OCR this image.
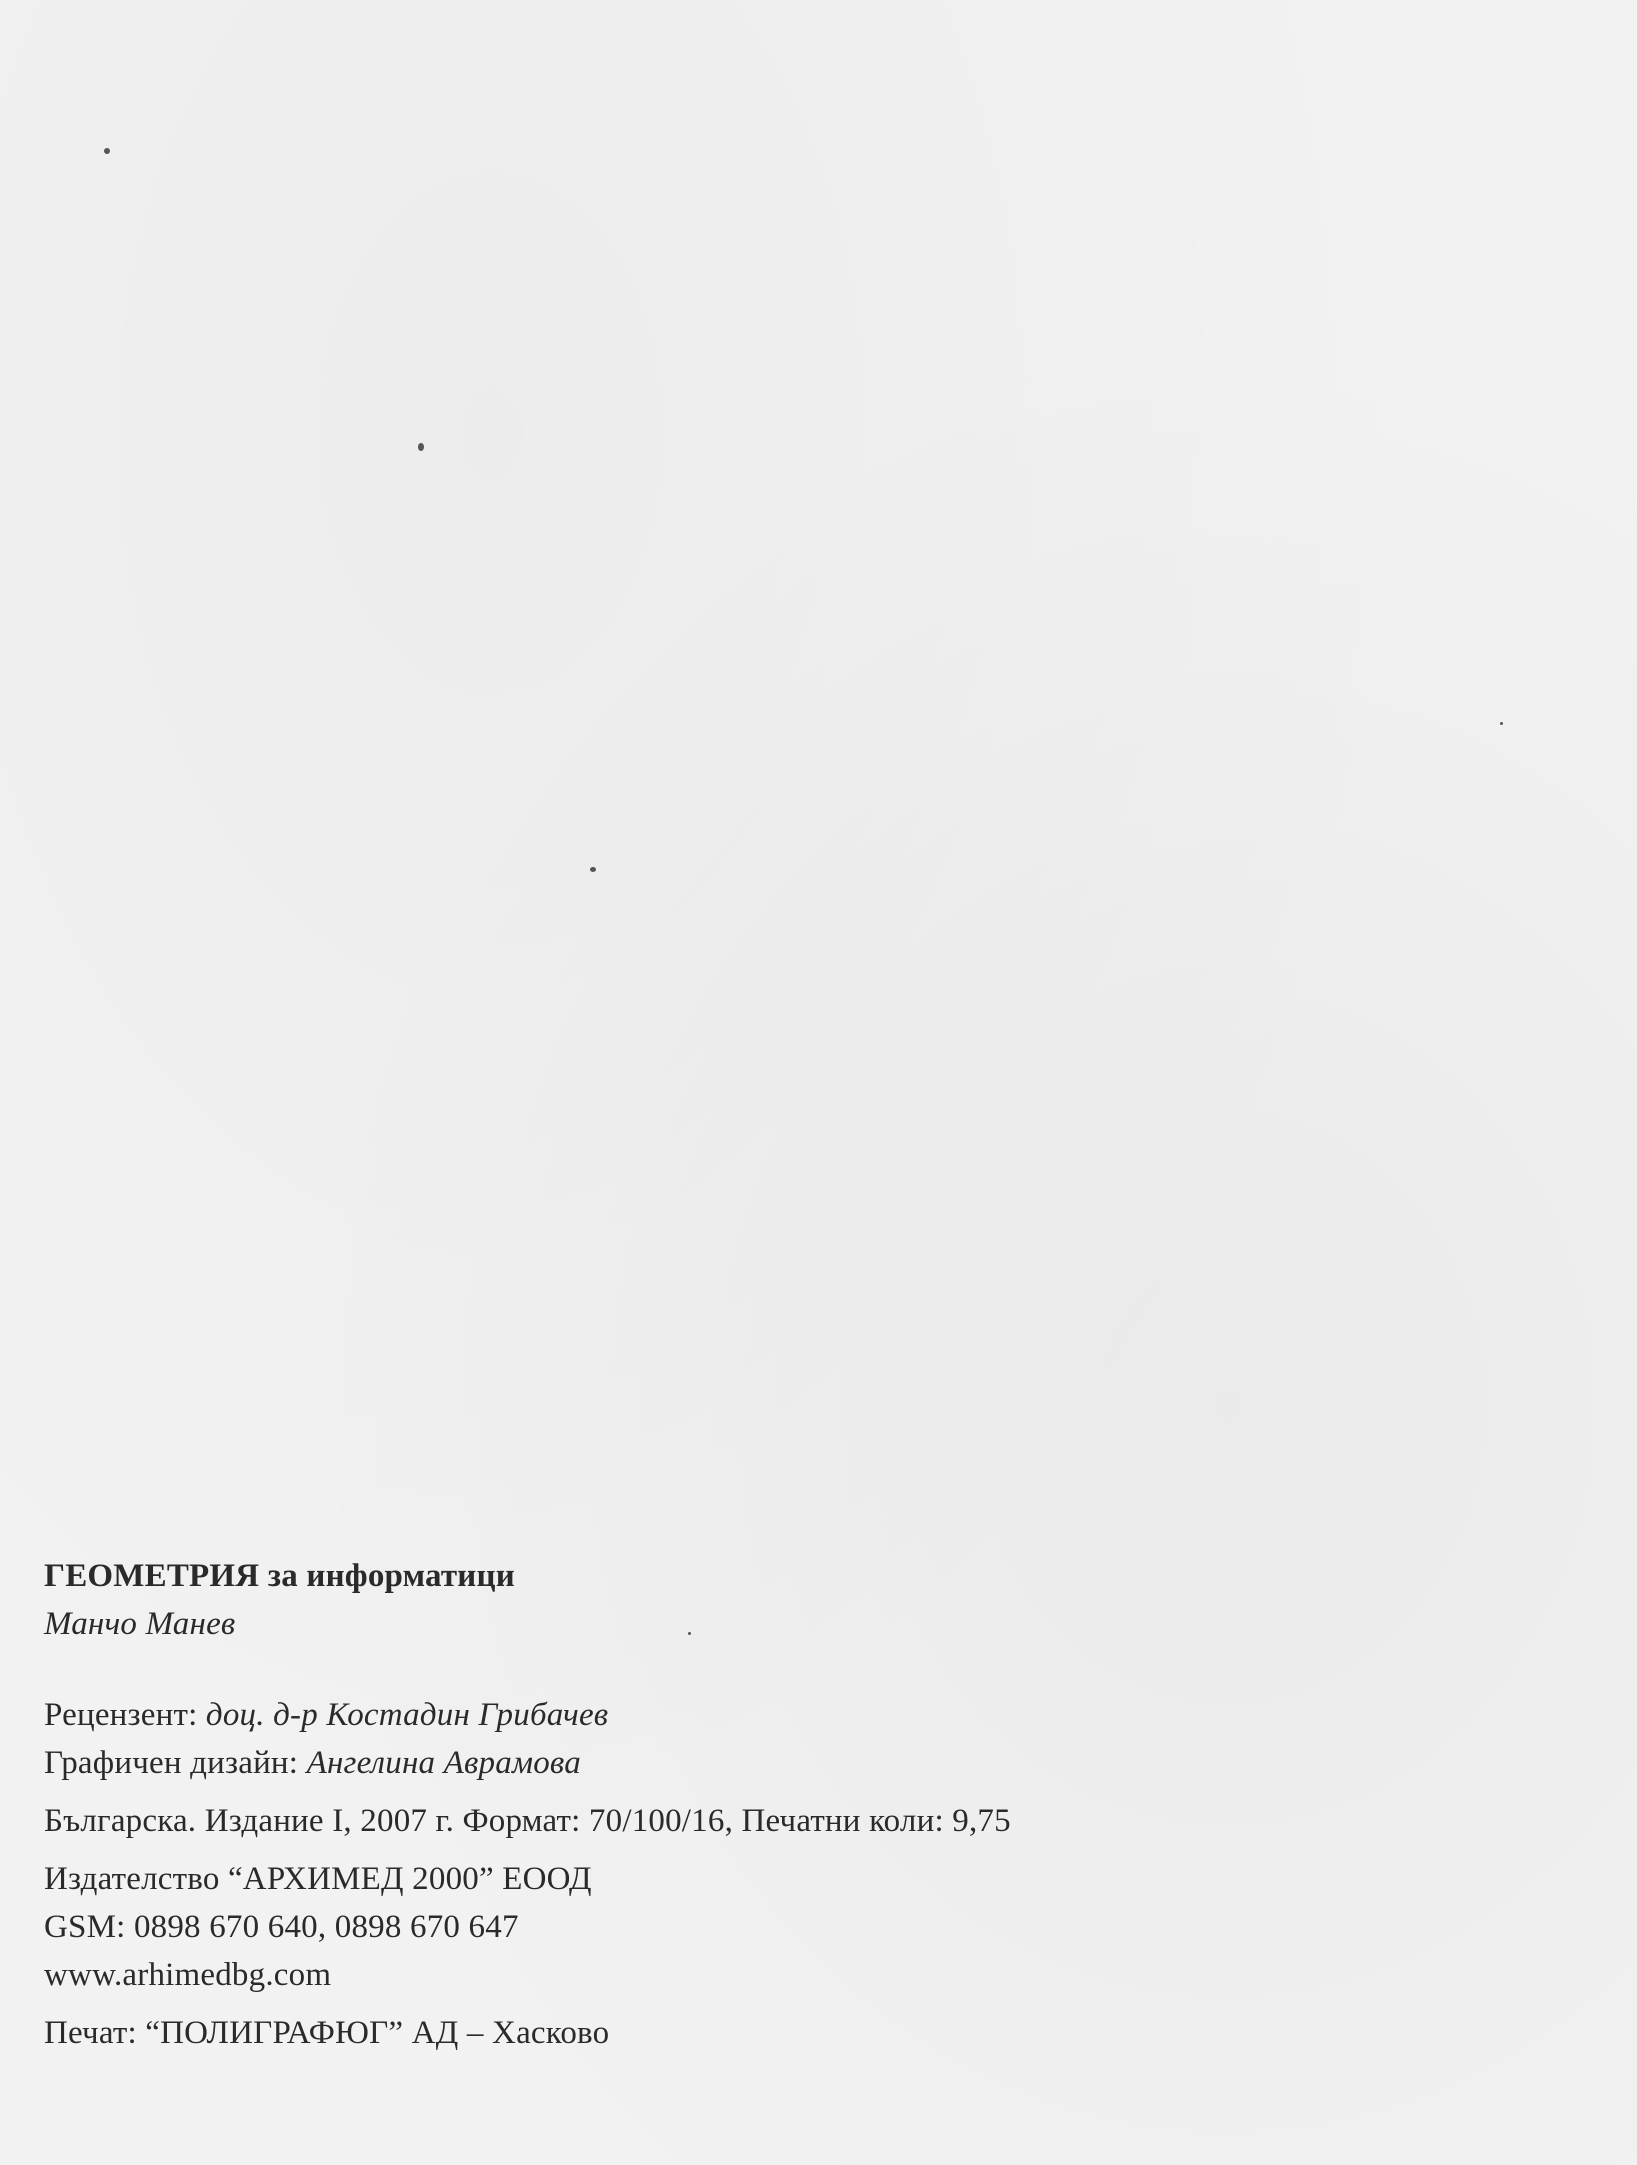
ГЕОМЕТРИЯ за информатици
Манчо Манев
Рецензент: доц. д-р Костадин Грибачев
Графичен дизайн: Ангелина Аврамова
Българска. Издание I, 2007 г. Формат: 70/100/16, Печатни коли: 9,75
Издателство “АРХИМЕД 2000” ЕООД
GSM: 0898 670 640, 0898 670 647
www.arhimedbg.com
Печат: “ПОЛИГРАФЮГ” АД – Хасково
